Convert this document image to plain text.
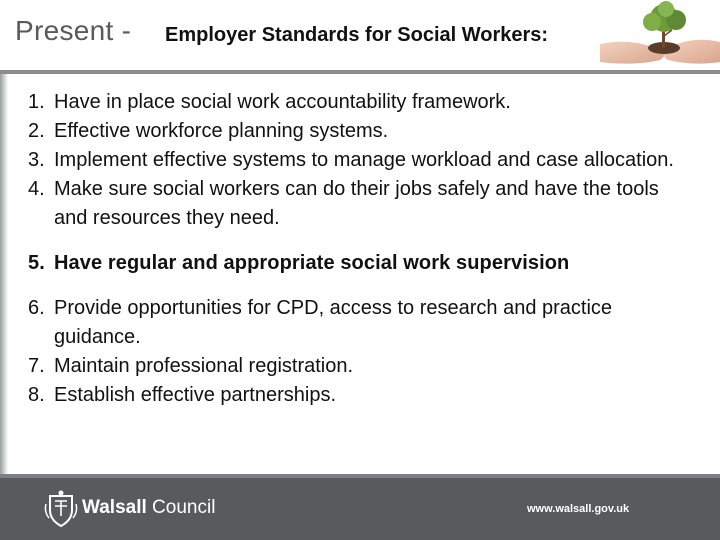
Present - Employer Standards for Social Workers:
1. Have in place social work accountability framework.
2. Effective workforce planning systems.
3. Implement effective systems to manage workload and case allocation.
4. Make sure social workers can do their jobs safely and have the tools and resources they need.
5. Have regular and appropriate social work supervision
6. Provide opportunities for CPD, access to research and practice guidance.
7. Maintain professional registration.
8. Establish effective partnerships.
Walsall Council	www.walsall.gov.uk
